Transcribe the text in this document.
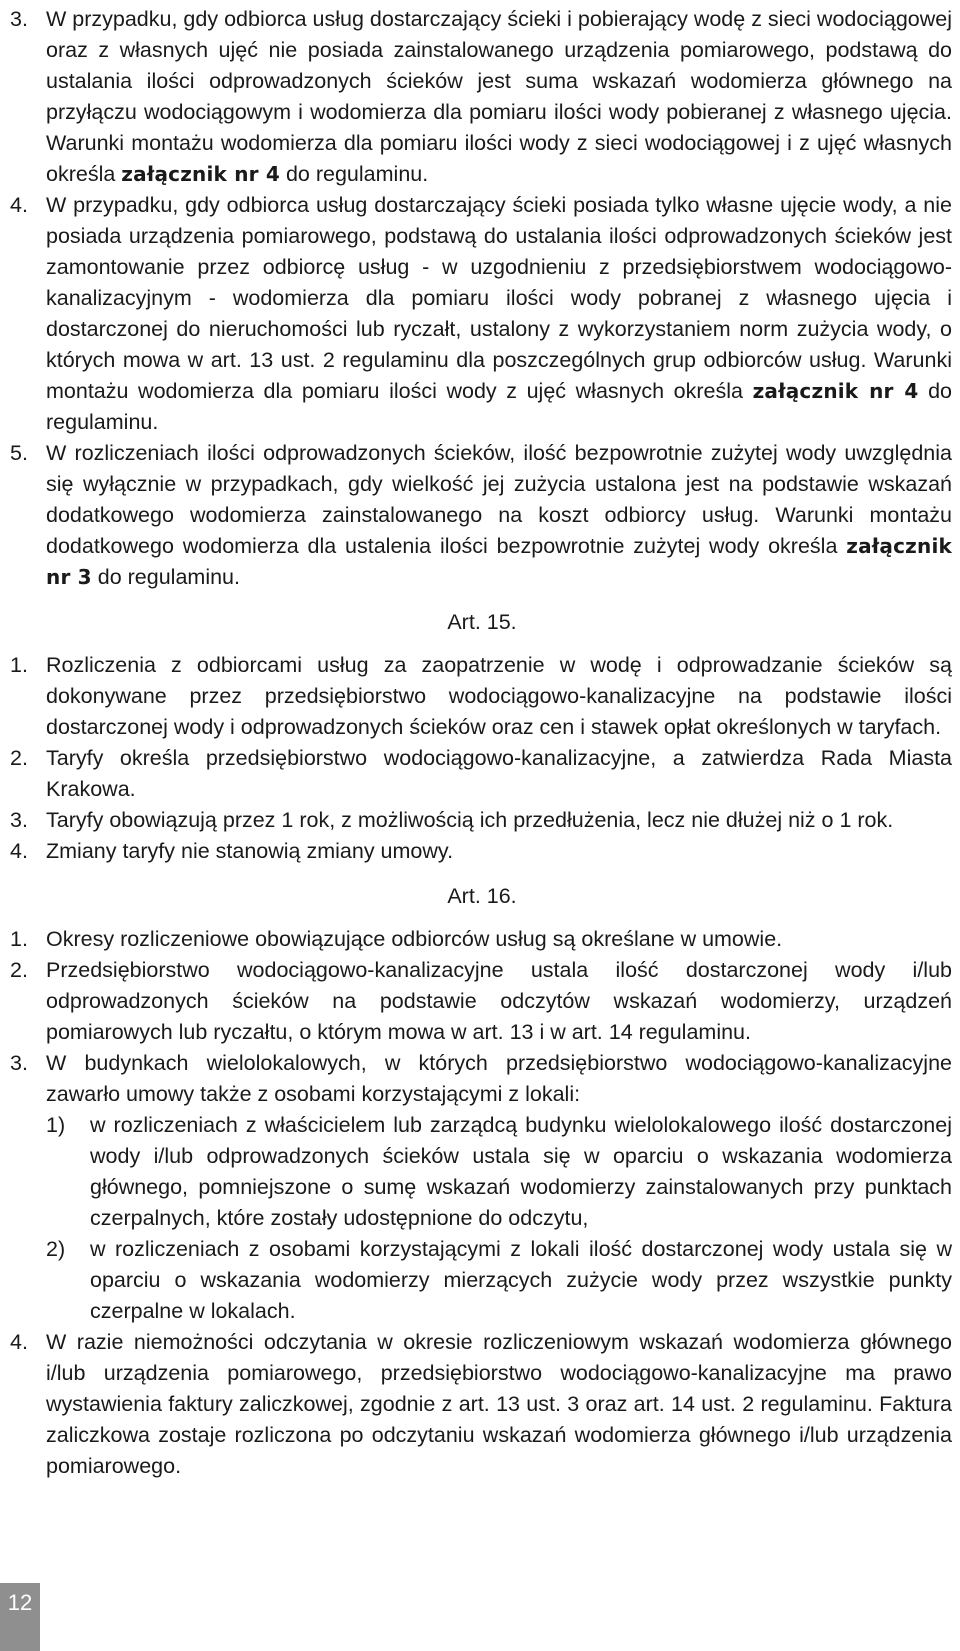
3. W przypadku, gdy odbiorca usług dostarczający ścieki i pobierający wodę z sieci wodociągowej oraz z własnych ujęć nie posiada zainstalowanego urządzenia pomiarowego, podstawą do ustalania ilości odprowadzonych ścieków jest suma wskazań wodomierza głównego na przyłączu wodociągowym i wodomierza dla pomiaru ilości wody pobieranej z własnego ujęcia. Warunki montażu wodomierza dla pomiaru ilości wody z sieci wodociągowej i z ujęć własnych określa załącznik nr 4 do regulaminu.
4. W przypadku, gdy odbiorca usług dostarczający ścieki posiada tylko własne ujęcie wody, a nie posiada urządzenia pomiarowego, podstawą do ustalania ilości odprowadzonych ścieków jest zamontowanie przez odbiorcę usług - w uzgodnieniu z przedsiębiorstwem wodociągowo-kanalizacyjnym - wodomierza dla pomiaru ilości wody pobranej z własnego ujęcia i dostarczonej do nieruchomości lub ryczałt, ustalony z wykorzystaniem norm zużycia wody, o których mowa w art. 13 ust. 2 regulaminu dla poszczególnych grup odbiorców usług. Warunki montażu wodomierza dla pomiaru ilości wody z ujęć własnych określa załącznik nr 4 do regulaminu.
5. W rozliczeniach ilości odprowadzonych ścieków, ilość bezpowrotnie zużytej wody uwzględnia się wyłącznie w przypadkach, gdy wielkość jej zużycia ustalona jest na podstawie wskazań dodatkowego wodomierza zainstalowanego na koszt odbiorcy usług. Warunki montażu dodatkowego wodomierza dla ustalenia ilości bezpowrotnie zużytej wody określa załącznik nr 3 do regulaminu.
Art. 15.
1. Rozliczenia z odbiorcami usług za zaopatrzenie w wodę i odprowadzanie ścieków są dokonywane przez przedsiębiorstwo wodociągowo-kanalizacyjne na podstawie ilości dostarczonej wody i odprowadzonych ścieków oraz cen i stawek opłat określonych w taryfach.
2. Taryfy określa przedsiębiorstwo wodociągowo-kanalizacyjne, a zatwierdza Rada Miasta Krakowa.
3. Taryfy obowiązują przez 1 rok, z możliwością ich przedłużenia, lecz nie dłużej niż o 1 rok.
4. Zmiany taryfy nie stanowią zmiany umowy.
Art. 16.
1. Okresy rozliczeniowe obowiązujące odbiorców usług są określane w umowie.
2. Przedsiębiorstwo wodociągowo-kanalizacyjne ustala ilość dostarczonej wody i/lub odprowadzonych ścieków na podstawie odczytów wskazań wodomierzy, urządzeń pomiarowych lub ryczałtu, o którym mowa w art. 13 i w art. 14 regulaminu.
3. W budynkach wielolokalowych, w których przedsiębiorstwo wodociągowo-kanalizacyjne zawarło umowy także z osobami korzystającymi z lokali:
1)	w rozliczeniach z właścicielem lub zarządcą budynku wielolokalowego ilość dostarczonej wody i/lub odprowadzonych ścieków ustala się w oparciu o wskazania wodomierza głównego, pomniejszone o sumę wskazań wodomierzy zainstalowanych przy punktach czerpalnych, które zostały udostępnione do odczytu,
2)	w rozliczeniach z osobami korzystającymi z lokali ilość dostarczonej wody ustala się w oparciu o wskazania wodomierzy mierzących zużycie wody przez wszystkie punkty czerpalne w lokalach.
4. W razie niemożności odczytania w okresie rozliczeniowym wskazań wodomierza głównego i/lub urządzenia pomiarowego, przedsiębiorstwo wodociągowo-kanalizacyjne ma prawo wystawienia faktury zaliczkowej, zgodnie z art. 13 ust. 3 oraz art. 14 ust. 2 regulaminu. Faktura zaliczkowa zostaje rozliczona po odczytaniu wskazań wodomierza głównego i/lub urządzenia pomiarowego.
12
